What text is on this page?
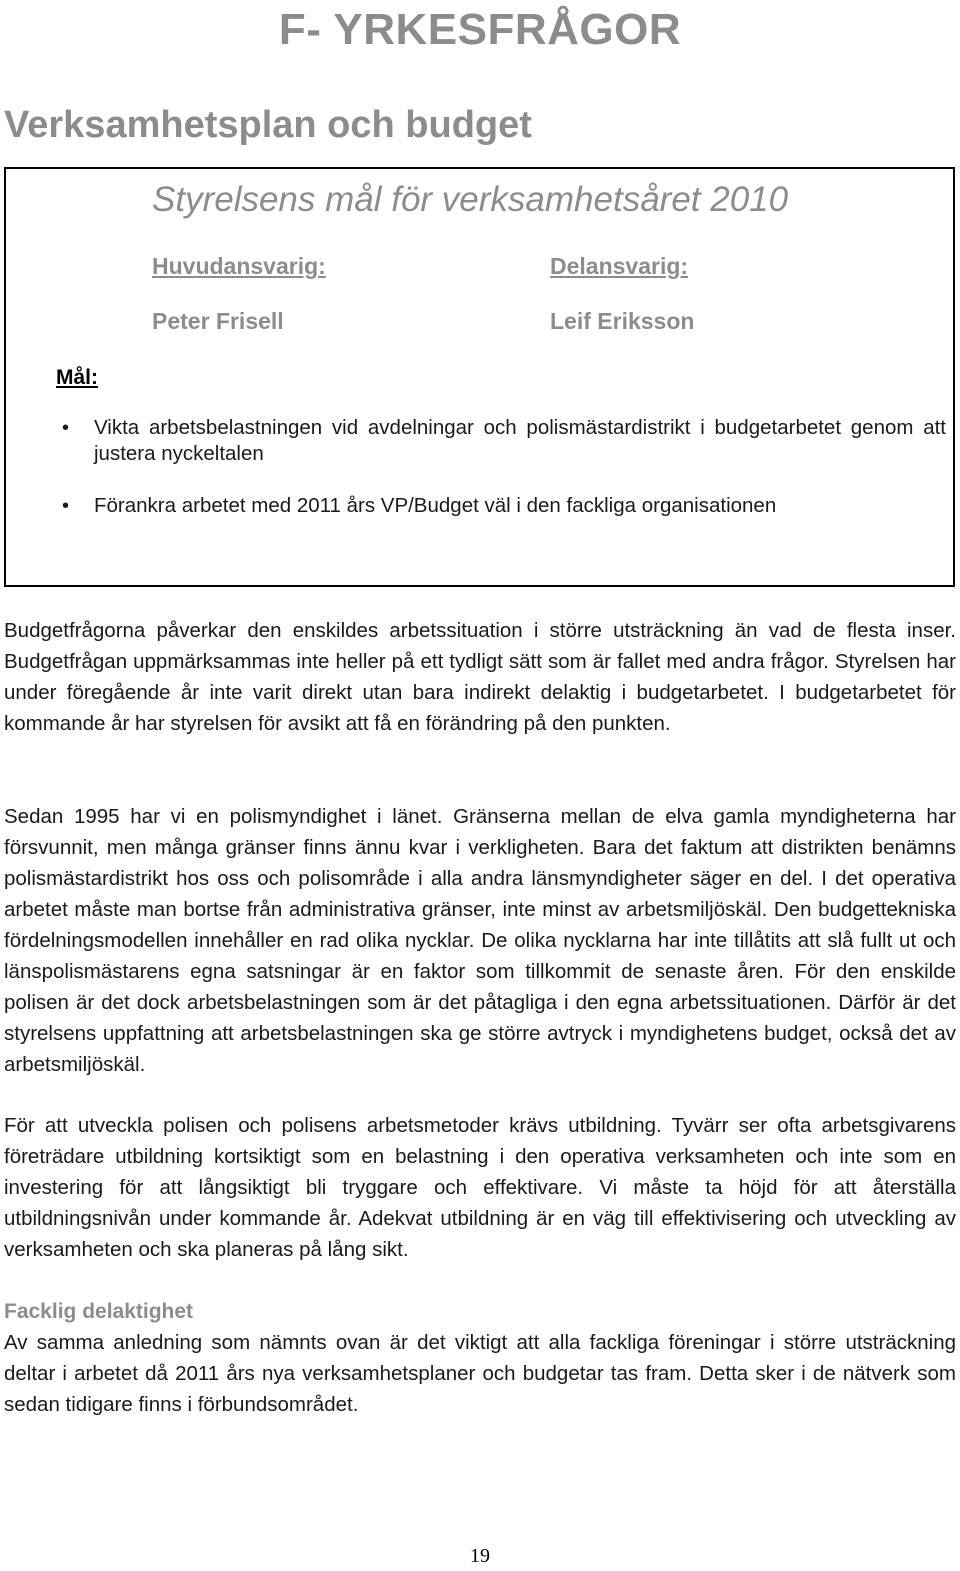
F- YRKESFRÅGOR
Verksamhetsplan och budget
Styrelsens mål för verksamhetsåret 2010
Huvudansvarig:	Delansvarig:
Peter Frisell	Leif Eriksson
Mål:
• Vikta arbetsbelastningen vid avdelningar och polismästardistrikt i budgetarbetet genom att justera nyckeltalen
• Förankra arbetet med 2011 års VP/Budget väl i den fackliga organisationen

Budgetfrågorna påverkar den enskildes arbetssituation i större utsträckning än vad de flesta inser. Budgetfrågan uppmärksammas inte heller på ett tydligt sätt som är fallet med andra frågor. Styrelsen har under föregående år inte varit direkt utan bara indirekt delaktig i budgetarbetet. I budgetarbetet för kommande år har styrelsen för avsikt att få en förändring på den punkten.

Sedan 1995 har vi en polismyndighet i länet. Gränserna mellan de elva gamla myndigheterna har försvunnit, men många gränser finns ännu kvar i verkligheten. Bara det faktum att distrikten benämns polismästardistrikt hos oss och polisområde i alla andra länsmyndigheter säger en del. I det operativa arbetet måste man bortse från administrativa gränser, inte minst av arbetsmiljöskäl. Den budgettekniska fördelningsmodellen innehåller en rad olika nycklar. De olika nycklarna har inte tillåtits att slå fullt ut och länspolismästarens egna satsningar är en faktor som tillkommit de senaste åren. För den enskilde polisen är det dock arbetsbelastningen som är det påtagliga i den egna arbetssituationen. Därför är det styrelsens uppfattning att arbetsbelastningen ska ge större avtryck i myndighetens budget, också det av arbetsmiljöskäl.

För att utveckla polisen och polisens arbetsmetoder krävs utbildning. Tyvärr ser ofta arbetsgivarens företrädare utbildning kortsiktigt som en belastning i den operativa verksamheten och inte som en investering för att långsiktigt bli tryggare och effektivare. Vi måste ta höjd för att återställa utbildningsnivån under kommande år. Adekvat utbildning är en väg till effektivisering och utveckling av verksamheten och ska planeras på lång sikt.

Facklig delaktighet

Av samma anledning som nämnts ovan är det viktigt att alla fackliga föreningar i större utsträckning deltar i arbetet då 2011 års nya verksamhetsplaner och budgetar tas fram. Detta sker i de nätverk som sedan tidigare finns i förbundsområdet.

19
